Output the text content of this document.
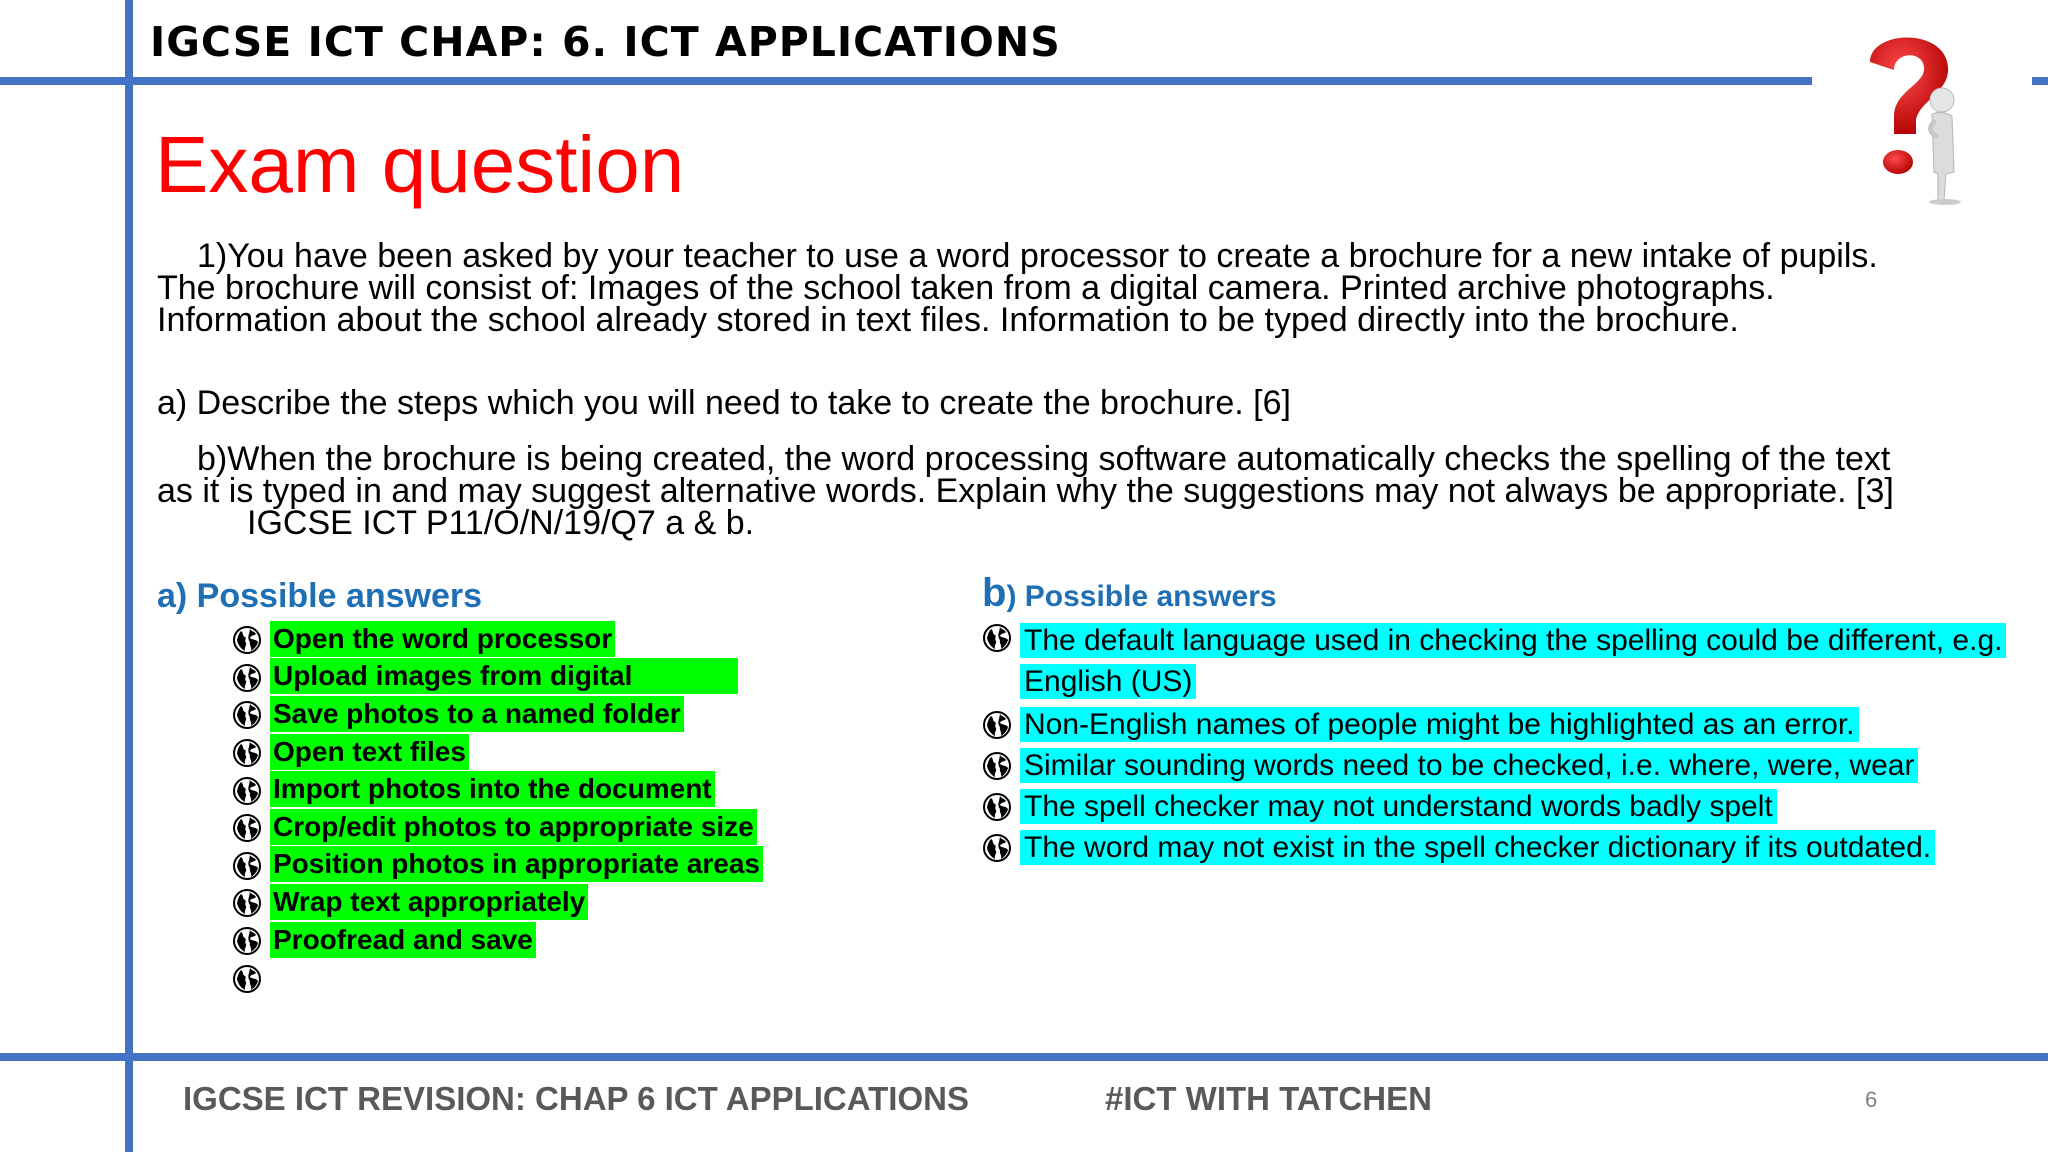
IGCSE ICT CHAP: 6. ICT APPLICATIONS
Exam question
1)You have been asked by your teacher to use a word processor to create a brochure for a new intake of pupils. The brochure will consist of: Images of the school taken from a digital camera. Printed archive photographs. Information about the school already stored in text files. Information to be typed directly into the brochure.
a) Describe the steps which you will need to take to create the brochure. [6]
b)When the brochure is being created, the word processing software automatically checks the spelling of the text as it is typed in and may suggest alternative words. Explain why the suggestions may not always be appropriate. [3]IGCSE ICT P11/O/N/19/Q7 a & b.
a) Possible answers
Open the word processor
Upload images from digital
Save photos to a named folder
Open text files
Import photos into the document
Crop/edit photos to appropriate size
Position photos in appropriate areas
Wrap text appropriately
Proofread and save
b) Possible answers
The default language used in checking the spelling could be different, e.g. English (US)
Non-English names of people might be highlighted as an error.
Similar sounding words need to be checked, i.e. where, were, wear
The spell checker may not understand words badly spelt
The word may not exist in the spell checker dictionary if its outdated.
IGCSE ICT REVISION: CHAP 6 ICT APPLICATIONS	#ICT WITH TATCHEN	6
